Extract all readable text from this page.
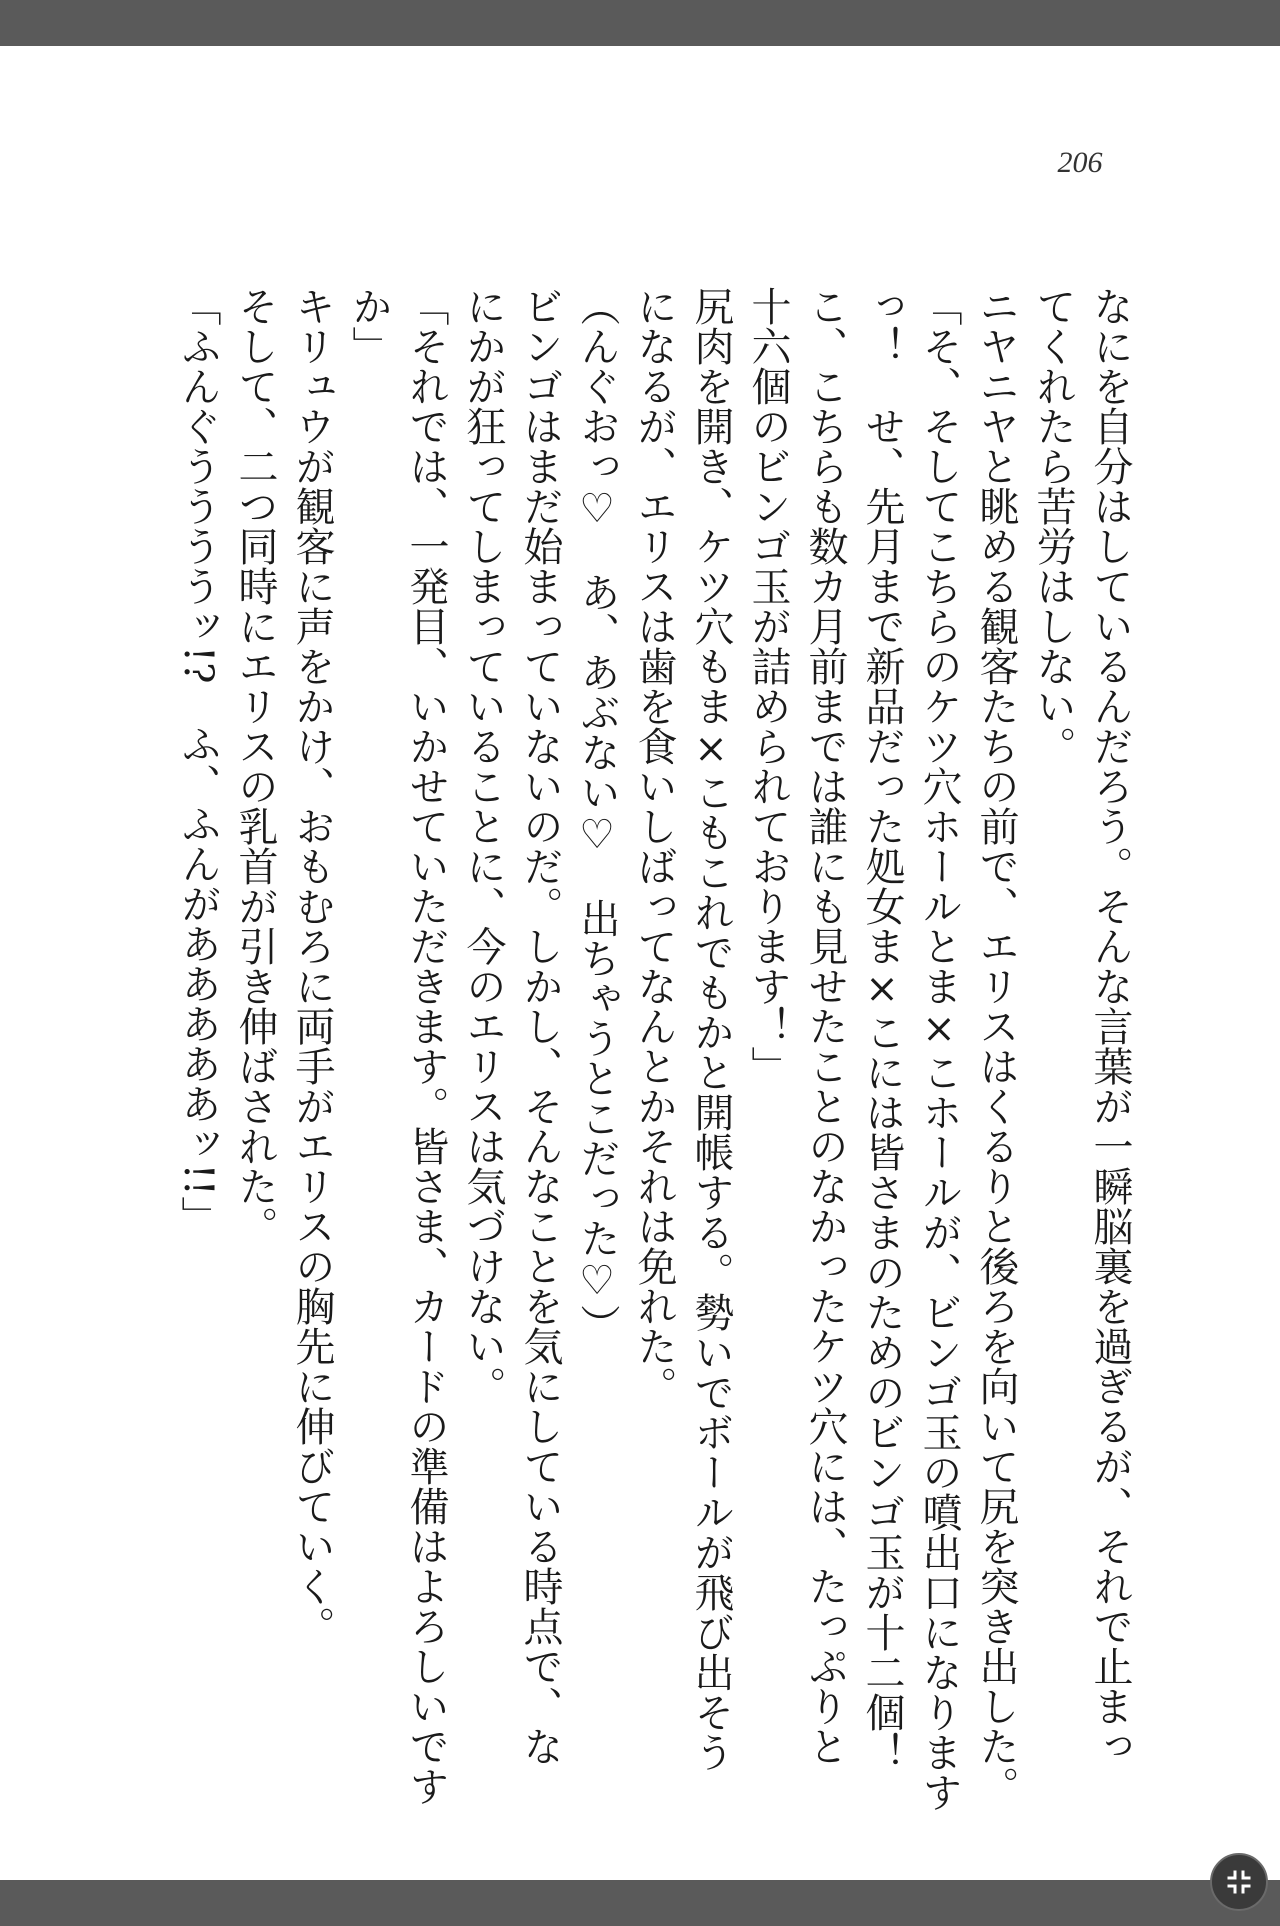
206
なにを自分はしているんだろう。そんな言葉が一瞬脳裏を過ぎるが、それで止まっ
てくれたら苦労はしない。
ニヤニヤと眺める観客たちの前で、エリスはくるりと後ろを向いて尻を突き出した。
「そ、そしてこちらのケツ穴ホールとま×こホールが、ビンゴ玉の噴出口になります
っ！　せ、先月まで新品だった処女ま×こには皆さまのためのビンゴ玉が十二個！
こ、こちらも数カ月前までは誰にも見せたことのなかったケツ穴には、たっぷりと
十六個のビンゴ玉が詰められております！」
尻肉を開き、ケツ穴もま×こもこれでもかと開帳する。勢いでボールが飛び出そう
になるが、エリスは歯を食いしばってなんとかそれは免れた。
（んぐおっ♡　あ、あぶない♡　出ちゃうとこだった♡）
ビンゴはまだ始まっていないのだ。しかし、そんなことを気にしている時点で、な
にかが狂ってしまっていることに、今のエリスは気づけない。
「それでは、一発目、いかせていただきます。皆さま、カードの準備はよろしいです
か」
キリュウが観客に声をかけ、おもむろに両手がエリスの胸先に伸びていく。
そして、二つ同時にエリスの乳首が引き伸ばされた。
「ふんぐううううッ!?　ふ、ふんがあああああッ!!」
